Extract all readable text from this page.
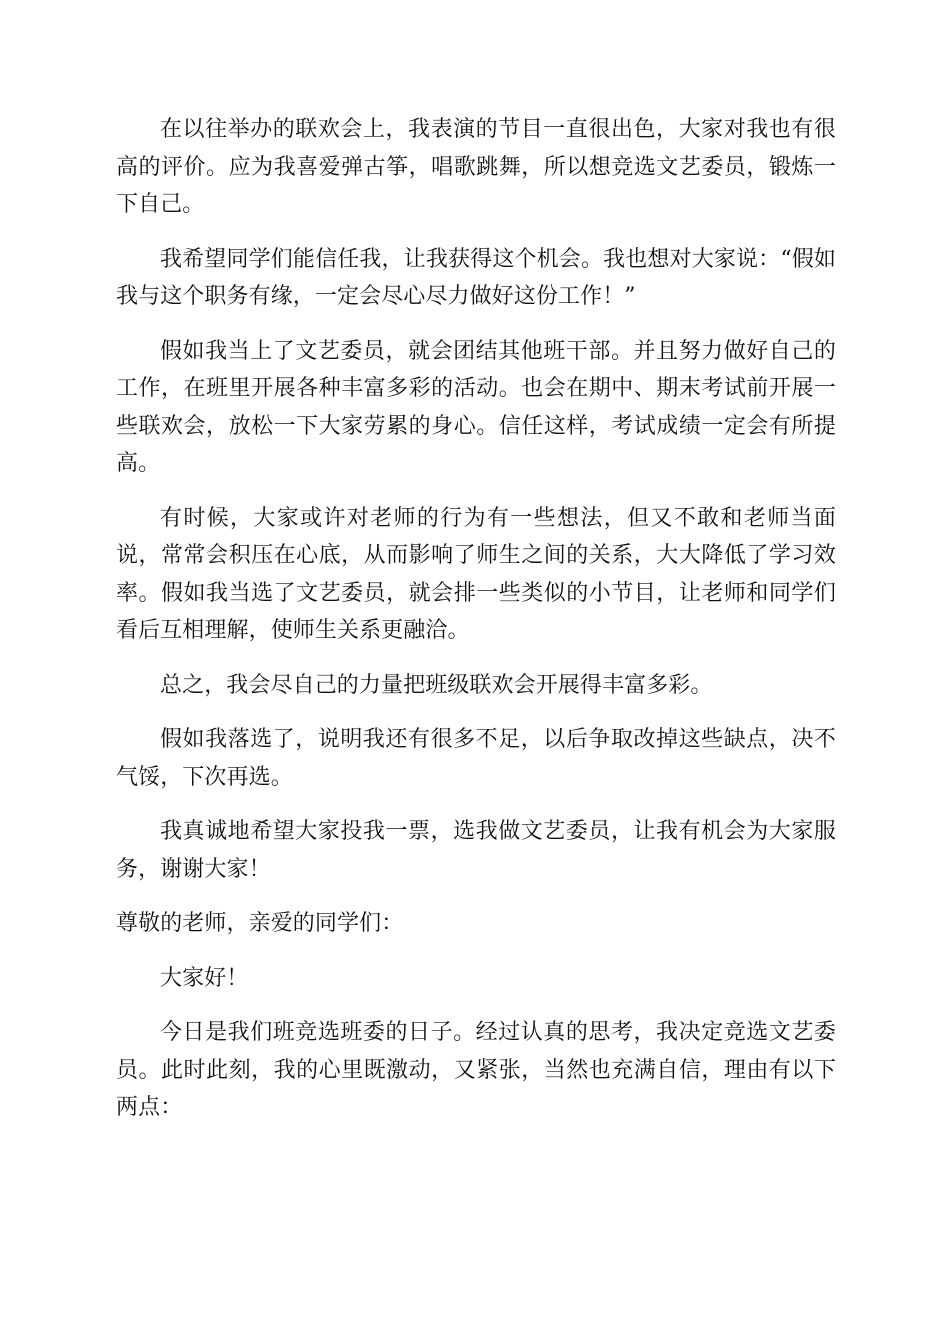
在以往举办的联欢会上，我表演的节目一直很出色，大家对我也有很高的评价。应为我喜爱弹古筝，唱歌跳舞，所以想竞选文艺委员，锻炼一下自己。

我希望同学们能信任我，让我获得这个机会。我也想对大家说：“假如我与这个职务有缘，一定会尽心尽力做好这份工作！”

假如我当上了文艺委员，就会团结其他班干部。并且努力做好自己的工作，在班里开展各种丰富多彩的活动。也会在期中、期末考试前开展一些联欢会，放松一下大家劳累的身心。信任这样，考试成绩一定会有所提高。

有时候，大家或许对老师的行为有一些想法，但又不敢和老师当面说，常常会积压在心底，从而影响了师生之间的关系，大大降低了学习效率。假如我当选了文艺委员，就会排一些类似的小节目，让老师和同学们看后互相理解，使师生关系更融洽。

总之，我会尽自己的力量把班级联欢会开展得丰富多彩。

假如我落选了，说明我还有很多不足，以后争取改掉这些缺点，决不气馁，下次再选。

我真诚地希望大家投我一票，选我做文艺委员，让我有机会为大家服务，谢谢大家！

尊敬的老师，亲爱的同学们：

大家好！

今日是我们班竞选班委的日子。经过认真的思考，我决定竞选文艺委员。此时此刻，我的心里既激动，又紧张，当然也充满自信，理由有以下两点：
